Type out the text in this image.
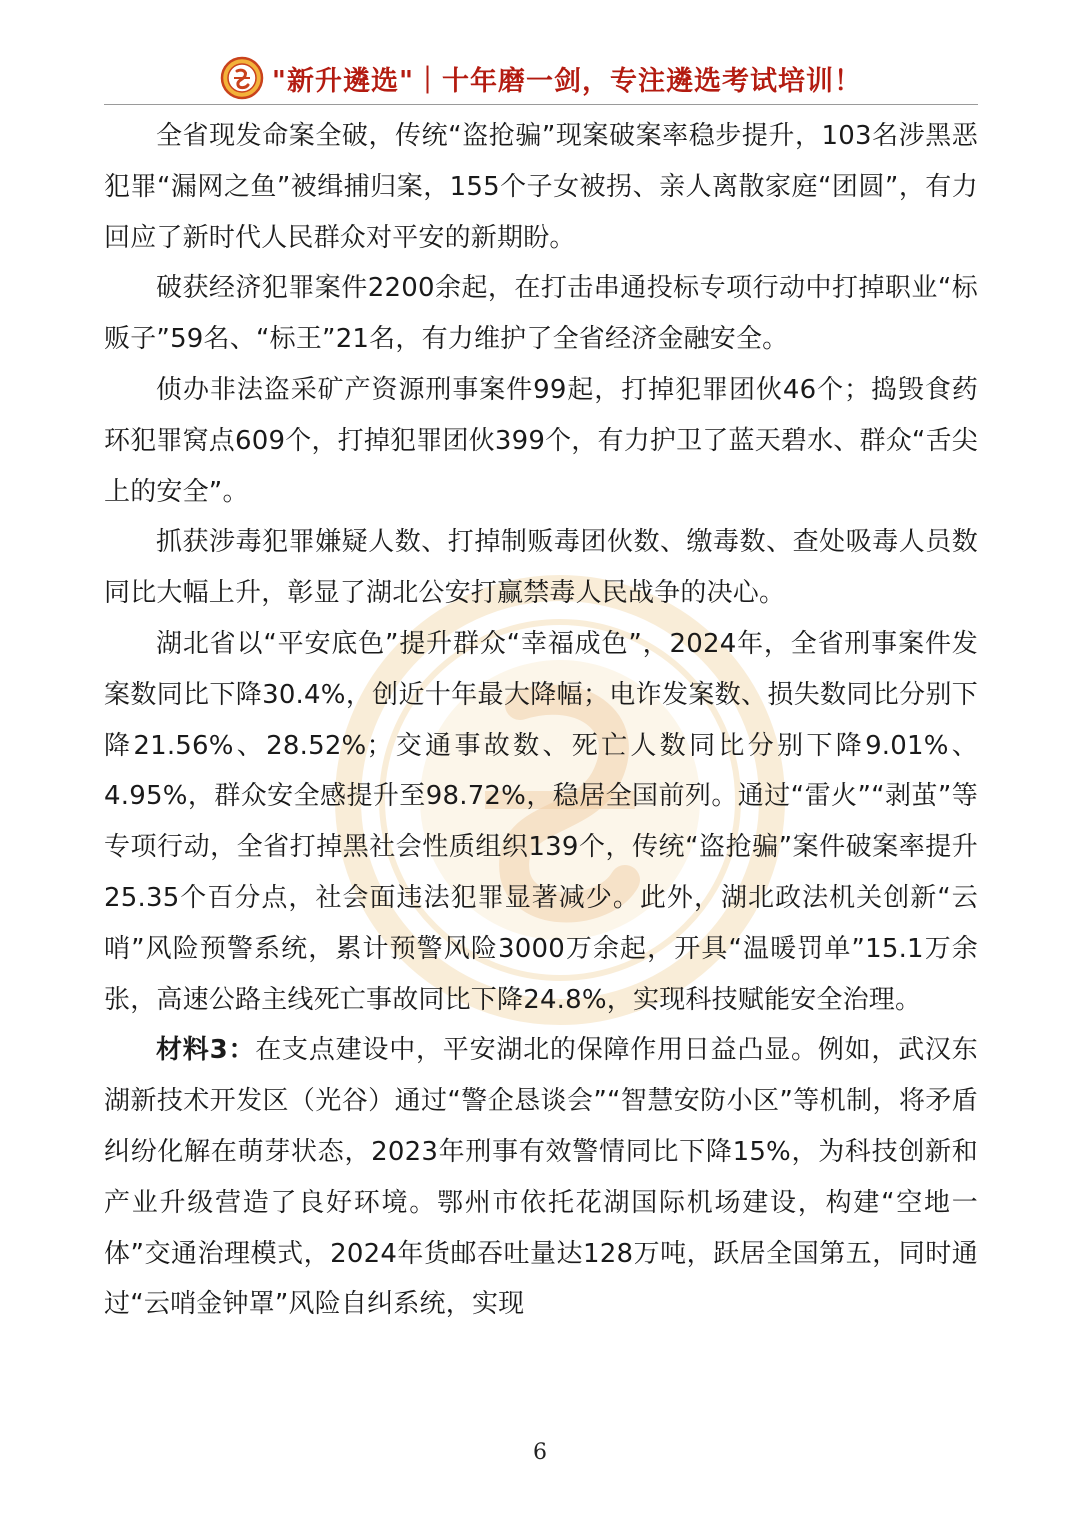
"新升遴选"｜十年磨一剑，专注遴选考试培训！

全省现发命案全破，传统“盗抢骗”现案破案率稳步提升，103名涉黑恶犯罪“漏网之鱼”被缉捕归案，155个子女被拐、亲人离散家庭“团圆”，有力回应了新时代人民群众对平安的新期盼。

破获经济犯罪案件2200余起，在打击串通投标专项行动中打掉职业“标贩子”59名、“标王”21名，有力维护了全省经济金融安全。

侦办非法盗采矿产资源刑事案件99起，打掉犯罪团伙46个；捣毁食药环犯罪窝点609个，打掉犯罪团伙399个，有力护卫了蓝天碧水、群众“舌尖上的安全”。

抓获涉毒犯罪嫌疑人数、打掉制贩毒团伙数、缴毒数、查处吸毒人员数同比大幅上升，彰显了湖北公安打赢禁毒人民战争的决心。

湖北省以“平安底色”提升群众“幸福成色”，2024年，全省刑事案件发案数同比下降30.4%，创近十年最大降幅；电诈发案数、损失数同比分别下降21.56%、28.52%；交通事故数、死亡人数同比分别下降9.01%、4.95%，群众安全感提升至98.72%，稳居全国前列。通过“雷火”“剥茧”等专项行动，全省打掉黑社会性质组织139个，传统“盗抢骗”案件破案率提升25.35个百分点，社会面违法犯罪显著减少。此外，湖北政法机关创新“云哨”风险预警系统，累计预警风险3000万余起，开具“温暖罚单”15.1万余张，高速公路主线死亡事故同比下降24.8%，实现科技赋能安全治理。

材料3：在支点建设中，平安湖北的保障作用日益凸显。例如，武汉东湖新技术开发区（光谷）通过“警企恳谈会”“智慧安防小区”等机制，将矛盾纠纷化解在萌芽状态，2023年刑事有效警情同比下降15%，为科技创新和产业升级营造了良好环境。鄂州市依托花湖国际机场建设，构建“空地一体”交通治理模式，2024年货邮吞吐量达128万吨，跃居全国第五，同时通过“云哨金钟罩”风险自纠系统，实现

6
